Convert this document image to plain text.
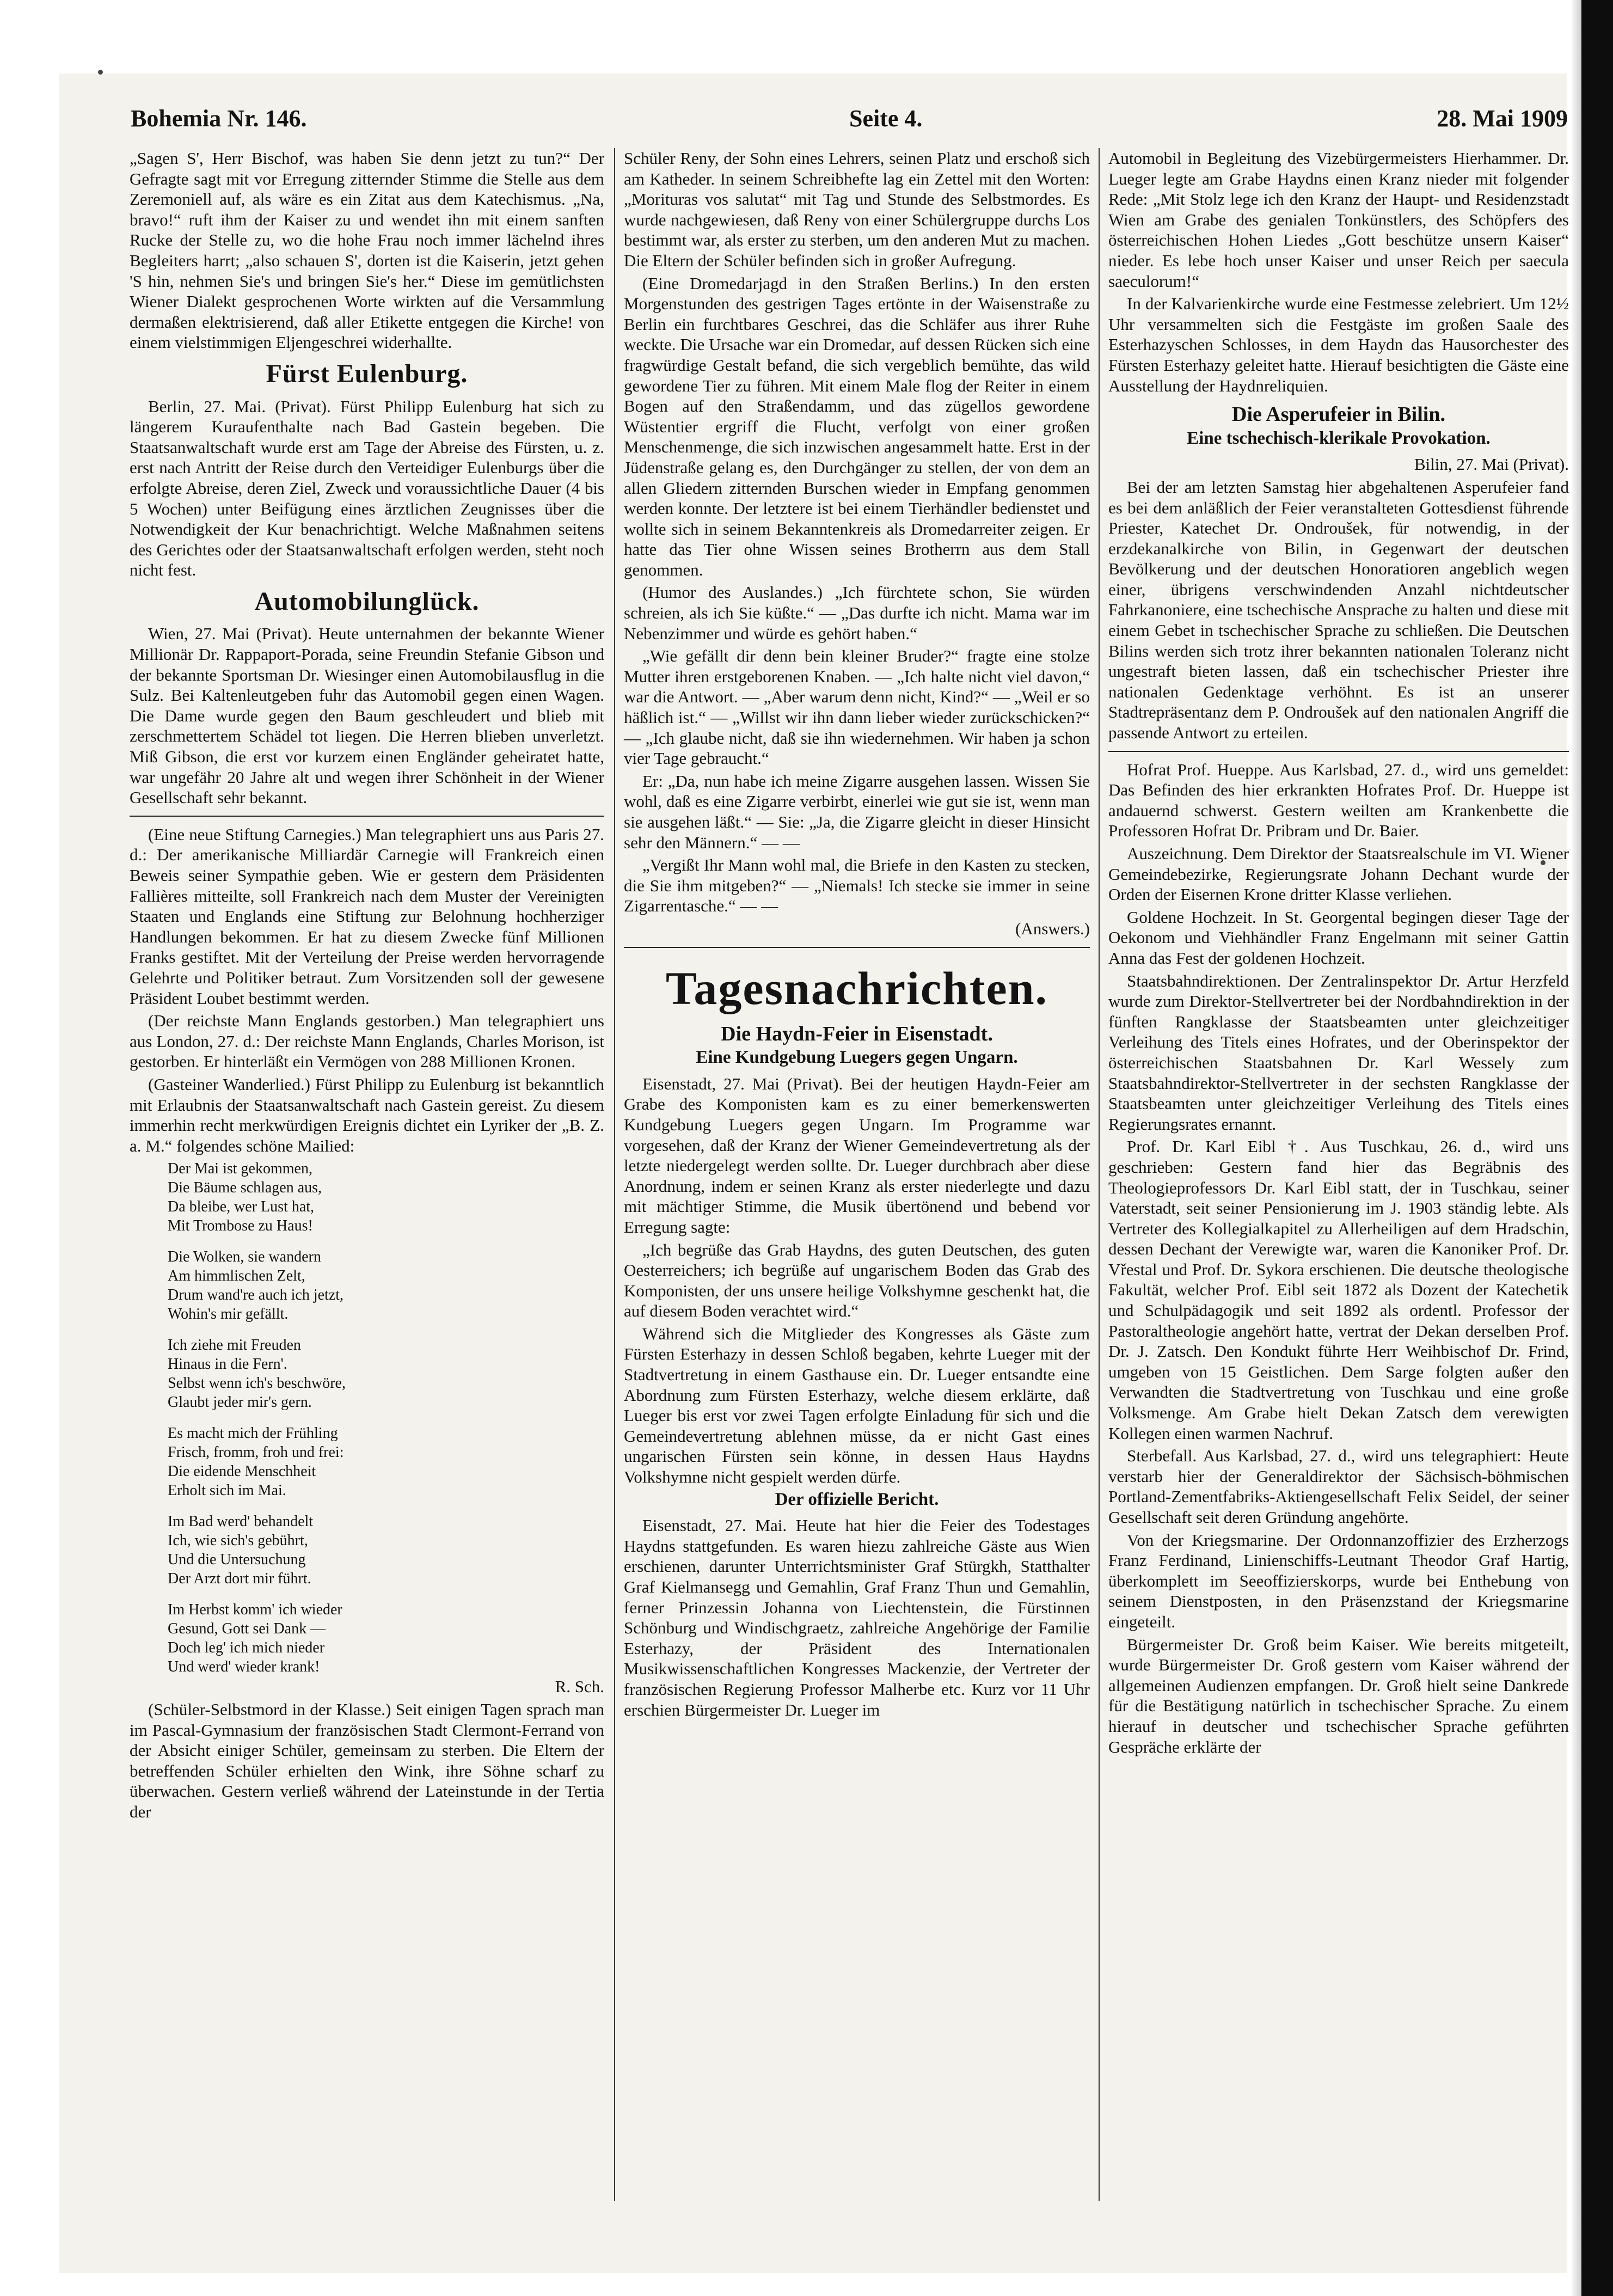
Bohemia Nr. 146.	Seite 4.	28. Mai 1909

„Sagen S', Herr Bischof, was haben Sie denn jetzt zu tun?“ Der Gefragte sagt mit vor Erregung zitternder Stimme die Stelle aus dem Zeremoniell auf, als wäre es ein Zitat aus dem Katechismus. „Na, bravo!“ ruft ihm der Kaiser zu und wendet ihn mit einem sanften Rucke der Stelle zu, wo die hohe Frau noch immer lächelnd ihres Begleiters harrt; „also schauen S', dorten ist die Kaiserin, jetzt gehen 'S hin, nehmen Sie's und bringen Sie's her.“ Diese im gemütlichsten Wiener Dialekt gesprochenen Worte wirkten auf die Versammlung dermaßen elektrisierend, daß aller Etikette entgegen die Kirche! von einem vielstimmigen Eljengeschrei widerhallte.

Fürst Eulenburg.

Berlin, 27. Mai. (Privat). Fürst Philipp Eulenburg hat sich zu längerem Kuraufenthalte nach Bad Gastein begeben. Die Staatsanwaltschaft wurde erst am Tage der Abreise des Fürsten, u. z. erst nach Antritt der Reise durch den Verteidiger Eulenburgs über die erfolgte Abreise, deren Ziel, Zweck und voraussichtliche Dauer (4 bis 5 Wochen) unter Beifügung eines ärztlichen Zeugnisses über die Notwendigkeit der Kur benachrichtigt. Welche Maßnahmen seitens des Gerichtes oder der Staatsanwaltschaft erfolgen werden, steht noch nicht fest.

Automobilunglück.

Wien, 27. Mai (Privat). Heute unternahmen der bekannte Wiener Millionär Dr. Rappaport-Porada, seine Freundin Stefanie Gibson und der bekannte Sportsman Dr. Wiesinger einen Automobilausflug in die Sulz. Bei Kaltenleutgeben fuhr das Automobil gegen einen Wagen. Die Dame wurde gegen den Baum geschleudert und blieb mit zerschmettertem Schädel tot liegen. Die Herren blieben unverletzt. Miß Gibson, die erst vor kurzem einen Engländer geheiratet hatte, war ungefähr 20 Jahre alt und wegen ihrer Schönheit in der Wiener Gesellschaft sehr bekannt.

(Eine neue Stiftung Carnegies.) Man telegraphiert uns aus Paris 27. d.: Der amerikanische Milliardär Carnegie will Frankreich einen Beweis seiner Sympathie geben. Wie er gestern dem Präsidenten Fallières mitteilte, soll Frankreich nach dem Muster der Vereinigten Staaten und Englands eine Stiftung zur Belohnung hochherziger Handlungen bekommen. Er hat zu diesem Zwecke fünf Millionen Franks gestiftet. Mit der Verteilung der Preise werden hervorragende Gelehrte und Politiker betraut. Zum Vorsitzenden soll der gewesene Präsident Loubet bestimmt werden.

(Der reichste Mann Englands gestorben.) Man telegraphiert uns aus London, 27. d.: Der reichste Mann Englands, Charles Morison, ist gestorben. Er hinterläßt ein Vermögen von 288 Millionen Kronen.

(Gasteiner Wanderlied.) Fürst Philipp zu Eulenburg ist bekanntlich mit Erlaubnis der Staatsanwaltschaft nach Gastein gereist. Zu diesem immerhin recht merkwürdigen Ereignis dichtet ein Lyriker der „B. Z. a. M.“ folgendes schöne Mailied:

Der Mai ist gekommen,
Die Bäume schlagen aus,
Da bleibe, wer Lust hat,
Mit Trombose zu Haus!
Die Wolken, sie wandern
Am himmlischen Zelt,
Drum wand're auch ich jetzt,
Wohin's mir gefällt.
Ich ziehe mit Freuden
Hinaus in die Fern'.
Selbst wenn ich's beschwöre,
Glaubt jeder mir's gern.
Es macht mich der Frühling
Frisch, fromm, froh und frei:
Die eidende Menschheit
Erholt sich im Mai.
Im Bad werd' behandelt
Ich, wie sich's gebührt,
Und die Untersuchung
Der Arzt dort mir führt.
Im Herbst komm' ich wieder
Gesund, Gott sei Dank —
Doch leg' ich mich nieder
Und werd' wieder krank!

R. Sch.

(Schüler-Selbstmord in der Klasse.) Seit einigen Tagen sprach man im Pascal-Gymnasium der französischen Stadt Clermont-Ferrand von der Absicht einiger Schüler, gemeinsam zu sterben. Die Eltern der betreffenden Schüler erhielten den Wink, ihre Söhne scharf zu überwachen. Gestern verließ während der Lateinstunde in der Tertia der

Schüler Reny, der Sohn eines Lehrers, seinen Platz und erschoß sich am Katheder. In seinem Schreibhefte lag ein Zettel mit den Worten: „Morituras vos salutat“ mit Tag und Stunde des Selbstmordes. Es wurde nachgewiesen, daß Reny von einer Schülergruppe durchs Los bestimmt war, als erster zu sterben, um den anderen Mut zu machen. Die Eltern der Schüler befinden sich in großer Aufregung.

(Eine Dromedarjagd in den Straßen Berlins.) In den ersten Morgenstunden des gestrigen Tages ertönte in der Waisenstraße zu Berlin ein furchtbares Geschrei, das die Schläfer aus ihrer Ruhe weckte. Die Ursache war ein Dromedar, auf dessen Rücken sich eine fragwürdige Gestalt befand, die sich vergeblich bemühte, das wild gewordene Tier zu führen. Mit einem Male flog der Reiter in einem Bogen auf den Straßendamm, und das zügellos gewordene Wüstentier ergriff die Flucht, verfolgt von einer großen Menschenmenge, die sich inzwischen angesammelt hatte. Erst in der Jüdenstraße gelang es, den Durchgänger zu stellen, der von dem an allen Gliedern zitternden Burschen wieder in Empfang genommen werden konnte. Der letztere ist bei einem Tierhändler bedienstet und wollte sich in seinem Bekanntenkreis als Dromedarreiter zeigen. Er hatte das Tier ohne Wissen seines Brotherrn aus dem Stall genommen.

(Humor des Auslandes.) „Ich fürchtete schon, Sie würden schreien, als ich Sie küßte.“ — „Das durfte ich nicht. Mama war im Nebenzimmer und würde es gehört haben.“

„Wie gefällt dir denn bein kleiner Bruder?“ fragte eine stolze Mutter ihren erstgeborenen Knaben. — „Ich halte nicht viel davon,“ war die Antwort. — „Aber warum denn nicht, Kind?“ — „Weil er so häßlich ist.“ — „Willst wir ihn dann lieber wieder zurückschicken?“ — „Ich glaube nicht, daß sie ihn wiedernehmen. Wir haben ja schon vier Tage gebraucht.“

Er: „Da, nun habe ich meine Zigarre ausgehen lassen. Wissen Sie wohl, daß es eine Zigarre verbirbt, einerlei wie gut sie ist, wenn man sie ausgehen läßt.“ — Sie: „Ja, die Zigarre gleicht in dieser Hinsicht sehr den Männern.“ — —

„Vergißt Ihr Mann wohl mal, die Briefe in den Kasten zu stecken, die Sie ihm mitgeben?“ — „Niemals! Ich stecke sie immer in seine Zigarrentasche.“ — —

(Answers.)

Tagesnachrichten.
Die Haydn-Feier in Eisenstadt.
Eine Kundgebung Luegers gegen Ungarn.

Eisenstadt, 27. Mai (Privat). Bei der heutigen Haydn-Feier am Grabe des Komponisten kam es zu einer bemerkenswerten Kundgebung Luegers gegen Ungarn. Im Programme war vorgesehen, daß der Kranz der Wiener Gemeindevertretung als der letzte niedergelegt werden sollte. Dr. Lueger durchbrach aber diese Anordnung, indem er seinen Kranz als erster niederlegte und dazu mit mächtiger Stimme, die Musik übertönend und bebend vor Erregung sagte:

„Ich begrüße das Grab Haydns, des guten Deutschen, des guten Oesterreichers; ich begrüße auf ungarischem Boden das Grab des Komponisten, der uns unsere heilige Volkshymne geschenkt hat, die auf diesem Boden verachtet wird.“

Während sich die Mitglieder des Kongresses als Gäste zum Fürsten Esterhazy in dessen Schloß begaben, kehrte Lueger mit der Stadtvertretung in einem Gasthause ein. Dr. Lueger entsandte eine Abordnung zum Fürsten Esterhazy, welche diesem erklärte, daß Lueger bis erst vor zwei Tagen erfolgte Einladung für sich und die Gemeindevertretung ablehnen müsse, da er nicht Gast eines ungarischen Fürsten sein könne, in dessen Haus Haydns Volkshymne nicht gespielt werden dürfe.

Der offizielle Bericht.

Eisenstadt, 27. Mai. Heute hat hier die Feier des Todestages Haydns stattgefunden. Es waren hiezu zahlreiche Gäste aus Wien erschienen, darunter Unterrichtsminister Graf Stürgkh, Statthalter Graf Kielmansegg und Gemahlin, Graf Franz Thun und Gemahlin, ferner Prinzessin Johanna von Liechtenstein, die Fürstinnen Schönburg und Windischgraetz, zahlreiche Angehörige der Familie Esterhazy, der Präsident des Internationalen Musikwissenschaftlichen Kongresses Mackenzie, der Vertreter der französischen Regierung Professor Malherbe etc. Kurz vor 11 Uhr erschien Bürgermeister Dr. Lueger im

Automobil in Begleitung des Vizebürgermeisters Hierhammer. Dr. Lueger legte am Grabe Haydns einen Kranz nieder mit folgender Rede: „Mit Stolz lege ich den Kranz der Haupt- und Residenzstadt Wien am Grabe des genialen Tonkünstlers, des Schöpfers des österreichischen Hohen Liedes „Gott beschütze unsern Kaiser“ nieder. Es lebe hoch unser Kaiser und unser Reich per saecula saeculorum!“

In der Kalvarienkirche wurde eine Festmesse zelebriert. Um 12½ Uhr versammelten sich die Festgäste im großen Saale des Esterhazyschen Schlosses, in dem Haydn das Hausorchester des Fürsten Esterhazy geleitet hatte. Hierauf besichtigten die Gäste eine Ausstellung der Haydnreliquien.

Die Asperufeier in Bilin.
Eine tschechisch-klerikale Provokation.

Bilin, 27. Mai (Privat).

Bei der am letzten Samstag hier abgehaltenen Asperufeier fand es bei dem anläßlich der Feier veranstalteten Gottesdienst führende Priester, Katechet Dr. Ondroušek, für notwendig, in der erzdekanalkirche von Bilin, in Gegenwart der deutschen Bevölkerung und der deutschen Honoratioren angeblich wegen einer, übrigens verschwindenden Anzahl nichtdeutscher Fahrkanoniere, eine tschechische Ansprache zu halten und diese mit einem Gebet in tschechischer Sprache zu schließen. Die Deutschen Bilins werden sich trotz ihrer bekannten nationalen Toleranz nicht ungestraft bieten lassen, daß ein tschechischer Priester ihre nationalen Gedenktage verhöhnt. Es ist an unserer Stadtrepräsentanz dem P. Ondroušek auf den nationalen Angriff die passende Antwort zu erteilen.

Hofrat Prof. Hueppe. Aus Karlsbad, 27. d., wird uns gemeldet: Das Befinden des hier erkrankten Hofrates Prof. Dr. Hueppe ist andauernd schwerst. Gestern weilten am Krankenbette die Professoren Hofrat Dr. Pribram und Dr. Baier.

Auszeichnung. Dem Direktor der Staatsrealschule im VI. Wiener Gemeindebezirke, Regierungsrate Johann Dechant wurde der Orden der Eisernen Krone dritter Klasse verliehen.

Goldene Hochzeit. In St. Georgental begingen dieser Tage der Oekonom und Viehhändler Franz Engelmann mit seiner Gattin Anna das Fest der goldenen Hochzeit.

Staatsbahndirektionen. Der Zentralinspektor Dr. Artur Herzfeld wurde zum Direktor-Stellvertreter bei der Nordbahndirektion in der fünften Rangklasse der Staatsbeamten unter gleichzeitiger Verleihung des Titels eines Hofrates, und der Oberinspektor der österreichischen Staatsbahnen Dr. Karl Wessely zum Staatsbahndirektor-Stellvertreter in der sechsten Rangklasse der Staatsbeamten unter gleichzeitiger Verleihung des Titels eines Regierungsrates ernannt.

Prof. Dr. Karl Eibl †. Aus Tuschkau, 26. d., wird uns geschrieben: Gestern fand hier das Begräbnis des Theologieprofessors Dr. Karl Eibl statt, der in Tuschkau, seiner Vaterstadt, seit seiner Pensionierung im J. 1903 ständig lebte. Als Vertreter des Kollegialkapitel zu Allerheiligen auf dem Hradschin, dessen Dechant der Verewigte war, waren die Kanoniker Prof. Dr. Vřestal und Prof. Dr. Sykora erschienen. Die deutsche theologische Fakultät, welcher Prof. Eibl seit 1872 als Dozent der Katechetik und Schulpädagogik und seit 1892 als ordentl. Professor der Pastoraltheologie angehört hatte, vertrat der Dekan derselben Prof. Dr. J. Zatsch. Den Kondukt führte Herr Weihbischof Dr. Frind, umgeben von 15 Geistlichen. Dem Sarge folgten außer den Verwandten die Stadtvertretung von Tuschkau und eine große Volksmenge. Am Grabe hielt Dekan Zatsch dem verewigten Kollegen einen warmen Nachruf.

Sterbefall. Aus Karlsbad, 27. d., wird uns telegraphiert: Heute verstarb hier der Generaldirektor der Sächsisch-böhmischen Portland-Zementfabriks-Aktiengesellschaft Felix Seidel, der seiner Gesellschaft seit deren Gründung angehörte.

Von der Kriegsmarine. Der Ordonnanzoffizier des Erzherzogs Franz Ferdinand, Linienschiffs-Leutnant Theodor Graf Hartig, überkomplett im Seeoffizierskorps, wurde bei Enthebung von seinem Dienstposten, in den Präsenzstand der Kriegsmarine eingeteilt.

Bürgermeister Dr. Groß beim Kaiser. Wie bereits mitgeteilt, wurde Bürgermeister Dr. Groß gestern vom Kaiser während der allgemeinen Audienzen empfangen. Dr. Groß hielt seine Dankrede für die Bestätigung natürlich in tschechischer Sprache. Zu einem hierauf in deutscher und tschechischer Sprache geführten Gespräche erklärte der
